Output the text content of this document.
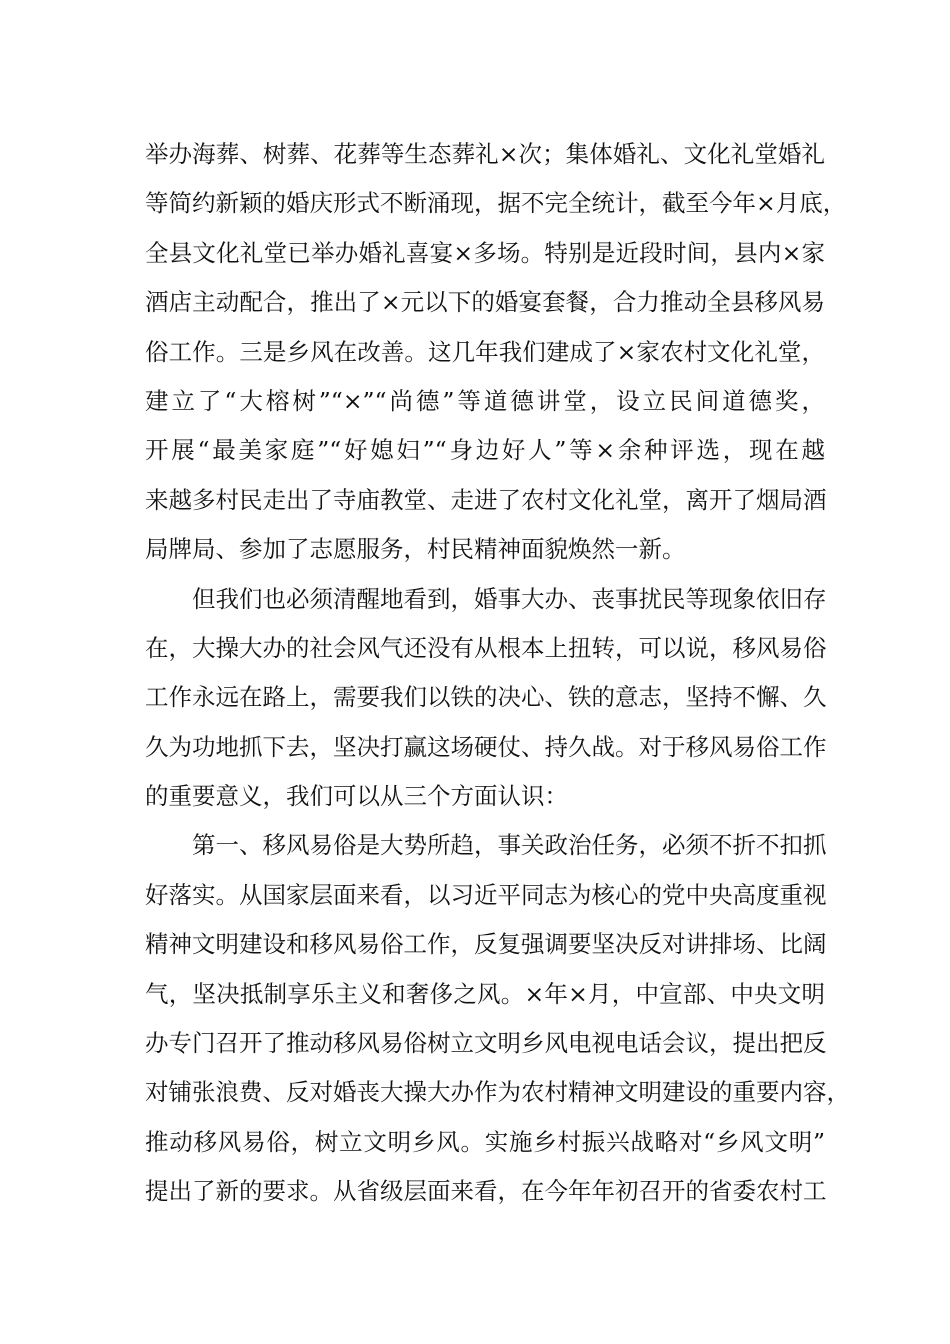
举办海葬、树葬、花葬等生态葬礼×次；集体婚礼、文化礼堂婚礼
等简约新颖的婚庆形式不断涌现，据不完全统计，截至今年×月底，
全县文化礼堂已举办婚礼喜宴×多场。特别是近段时间，县内×家
酒店主动配合，推出了×元以下的婚宴套餐，合力推动全县移风易
俗工作。三是乡风在改善。这几年我们建成了×家农村文化礼堂，
建立了“大榕树”“×”“尚德”等道德讲堂，设立民间道德奖，
开展“最美家庭”“好媳妇”“身边好人”等×余种评选，现在越
来越多村民走出了寺庙教堂、走进了农村文化礼堂，离开了烟局酒
局牌局、参加了志愿服务，村民精神面貌焕然一新。
但我们也必须清醒地看到，婚事大办、丧事扰民等现象依旧存
在，大操大办的社会风气还没有从根本上扭转，可以说，移风易俗
工作永远在路上，需要我们以铁的决心、铁的意志，坚持不懈、久
久为功地抓下去，坚决打赢这场硬仗、持久战。对于移风易俗工作
的重要意义，我们可以从三个方面认识：
第一、移风易俗是大势所趋，事关政治任务，必须不折不扣抓
好落实。从国家层面来看，以习近平同志为核心的党中央高度重视
精神文明建设和移风易俗工作，反复强调要坚决反对讲排场、比阔
气，坚决抵制享乐主义和奢侈之风。×年×月，中宣部、中央文明
办专门召开了推动移风易俗树立文明乡风电视电话会议，提出把反
对铺张浪费、反对婚丧大操大办作为农村精神文明建设的重要内容，
推动移风易俗，树立文明乡风。实施乡村振兴战略对“乡风文明”
提出了新的要求。从省级层面来看，在今年年初召开的省委农村工
